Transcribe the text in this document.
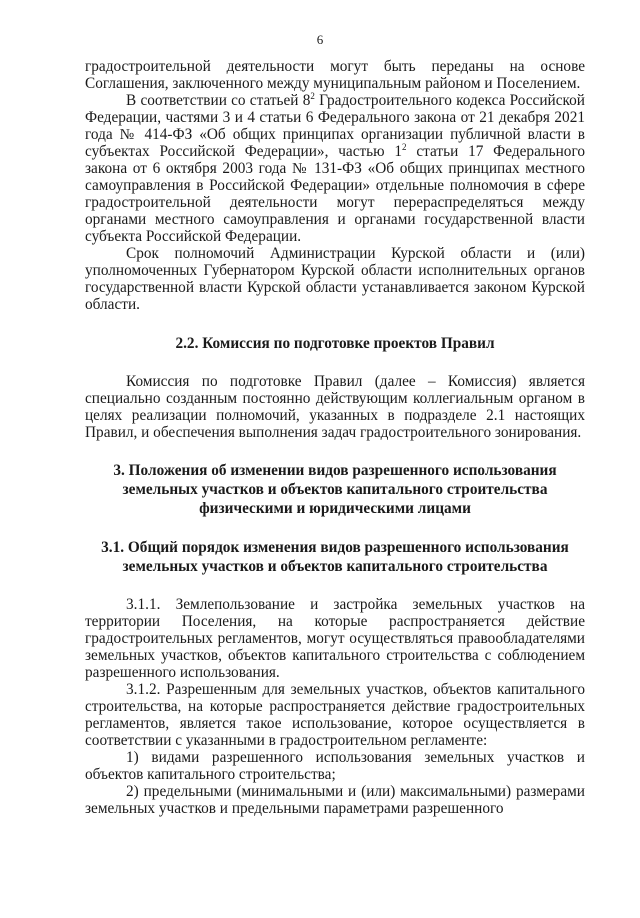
6

градостроительной деятельности могут быть переданы на основе Соглашения, заключенного между муниципальным районом и Поселением.

В соответствии со статьей $8^2$ Градостроительного кодекса Российской Федерации, частями 3 и 4 статьи 6 Федерального закона от 21 декабря 2021 года № 414-ФЗ «Об общих принципах организации публичной власти в субъектах Российской Федерации», частью $1^2$ статьи 17 Федерального закона от 6 октября 2003 года № 131-ФЗ «Об общих принципах местного самоуправления в Российской Федерации» отдельные полномочия в сфере градостроительной деятельности могут перераспределяться между органами местного самоуправления и органами государственной власти субъекта Российской Федерации.

Срок полномочий Администрации Курской области и (или) уполномоченных Губернатором Курской области исполнительных органов государственной власти Курской области устанавливается законом Курской области.

2.2. Комиссия по подготовке проектов Правил

Комиссия по подготовке Правил (далее – Комиссия) является специально созданным постоянно действующим коллегиальным органом в целях реализации полномочий, указанных в подразделе 2.1 настоящих Правил, и обеспечения выполнения задач градостроительного зонирования.

3. Положения об изменении видов разрешенного использования земельных участков и объектов капитального строительства физическими и юридическими лицами
3.1. Общий порядок изменения видов разрешенного использования земельных участков и объектов капитального строительства

3.1.1. Землепользование и застройка земельных участков на территории Поселения, на которые распространяется действие градостроительных регламентов, могут осуществляться правообладателями земельных участков, объектов капитального строительства с соблюдением разрешенного использования.

3.1.2. Разрешенным для земельных участков, объектов капитального строительства, на которые распространяется действие градостроительных регламентов, является такое использование, которое осуществляется в соответствии с указанными в градостроительном регламенте:

1) видами разрешенного использования земельных участков и объектов капитального строительства;

2) предельными (минимальными и (или) максимальными) размерами земельных участков и предельными параметрами разрешенного
